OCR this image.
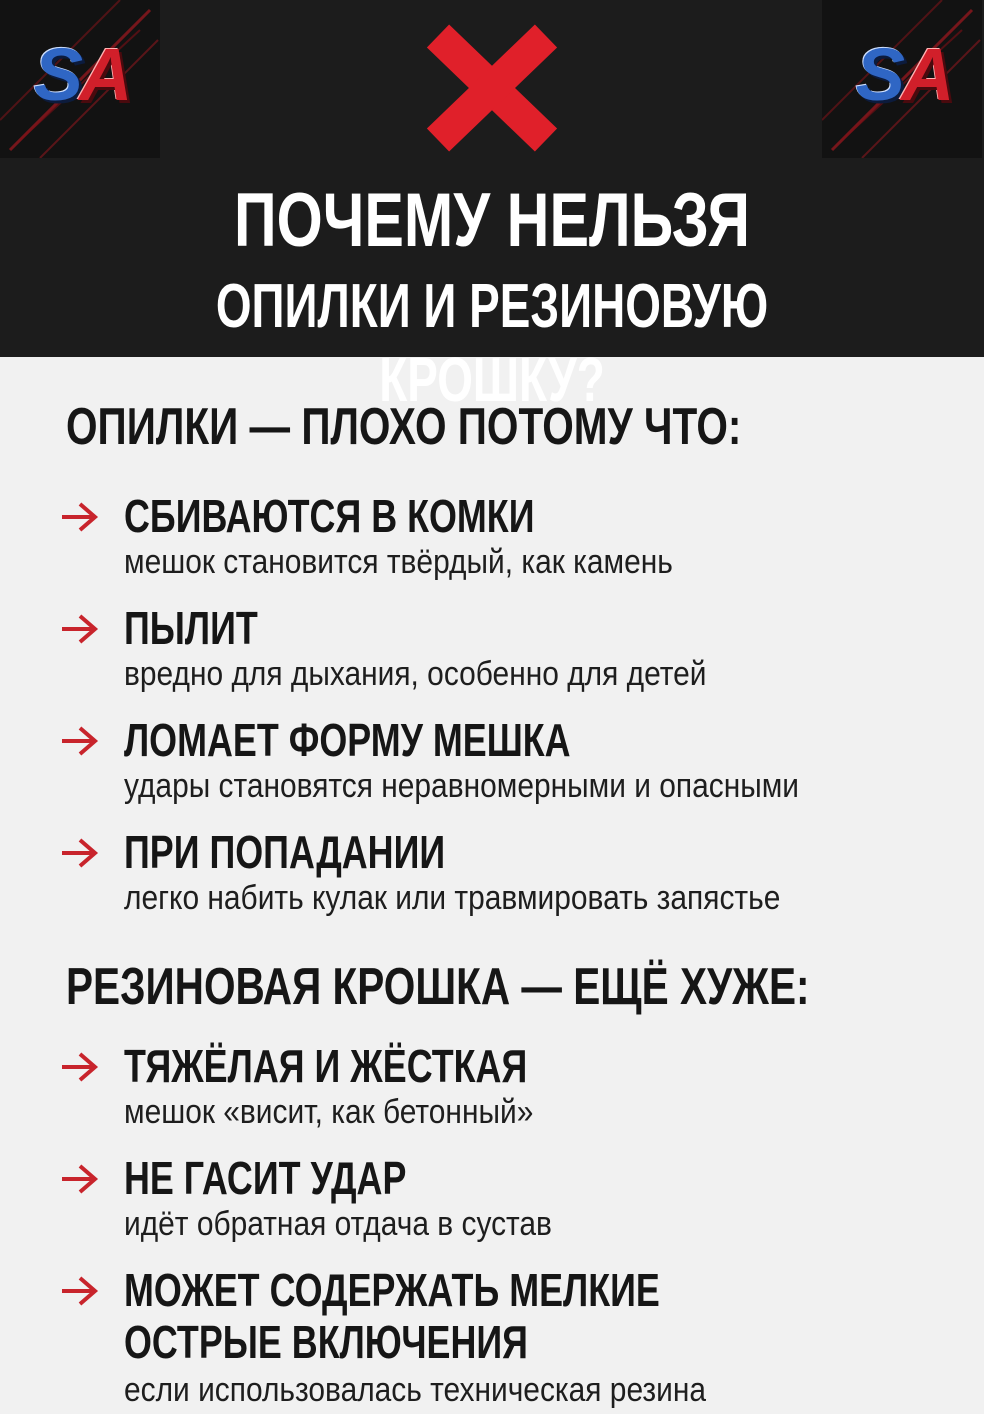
SA	SA
ПОЧЕМУ НЕЛЬЗЯ
ОПИЛКИ И РЕЗИНОВУЮ КРОШКУ?
ОПИЛКИ — ПЛОХО ПОТОМУ ЧТО:

СБИВАЮТСЯ В КОМКИ

мешок становится твёрдый, как камень

ПЫЛИТ

вредно для дыхания, особенно для детей

ЛОМАЕТ ФОРМУ МЕШКА

удары становятся неравномерными и опасными

ПРИ ПОПАДАНИИ

легко набить кулак или травмировать запястье

РЕЗИНОВАЯ КРОШКА — ЕЩЁ ХУЖЕ:

ТЯЖЁЛАЯ И ЖЁСТКАЯ

мешок «висит, как бетонный»

НЕ ГАСИТ УДАР

идёт обратная отдача в сустав

МОЖЕТ СОДЕРЖАТЬ МЕЛКИЕ

ОСТРЫЕ ВКЛЮЧЕНИЯ

если использовалась техническая резина
